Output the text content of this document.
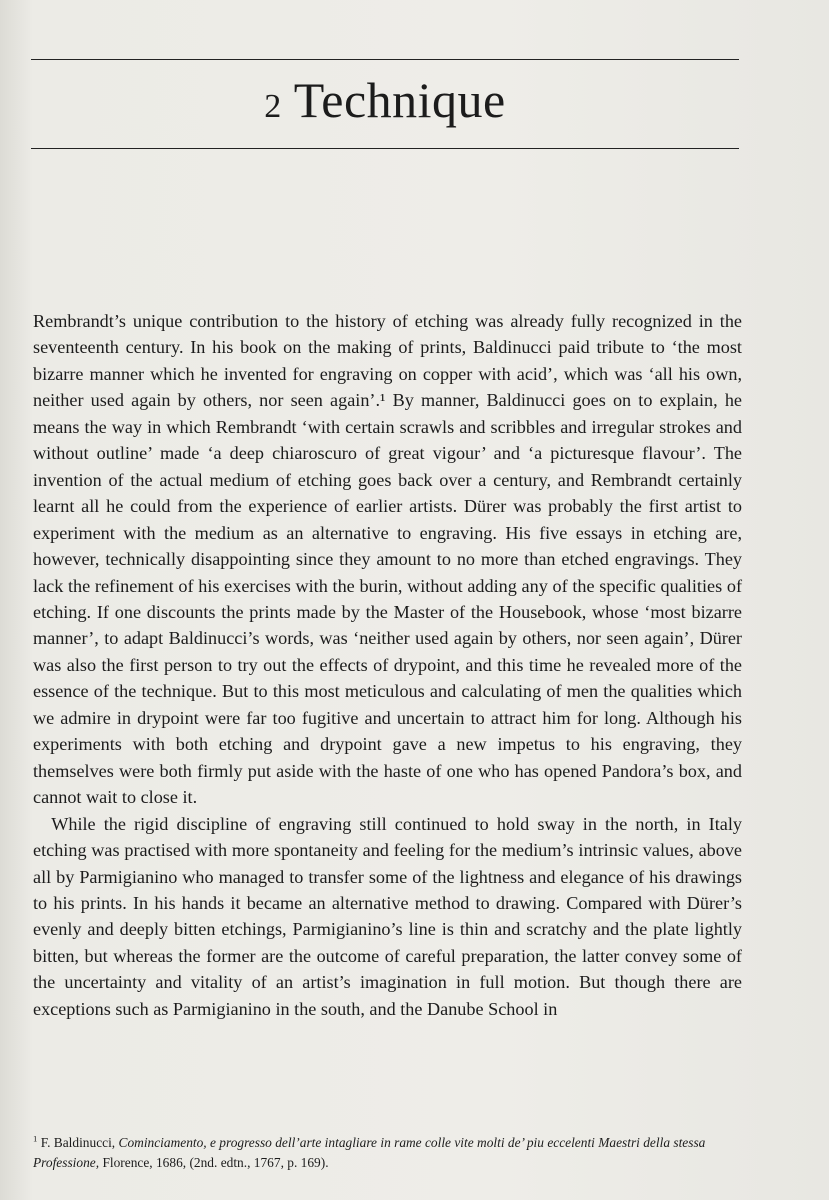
2 Technique

Rembrandt’s unique contribution to the history of etching was already fully recognized in the seventeenth century. In his book on the making of prints, Baldinucci paid tribute to ‘the most bizarre manner which he invented for engraving on copper with acid’, which was ‘all his own, neither used again by others, nor seen again’.¹ By manner, Baldinucci goes on to explain, he means the way in which Rembrandt ‘with certain scrawls and scribbles and irregular strokes and without outline’ made ‘a deep chiaroscuro of great vigour’ and ‘a picturesque flavour’. The invention of the actual medium of etching goes back over a century, and Rembrandt certainly learnt all he could from the experience of earlier artists. Dürer was probably the first artist to experiment with the medium as an alternative to engraving. His five essays in etching are, however, technically disappointing since they amount to no more than etched engravings. They lack the refinement of his exercises with the burin, without adding any of the specific qualities of etching. If one discounts the prints made by the Master of the Housebook, whose ‘most bizarre manner’, to adapt Baldinucci’s words, was ‘neither used again by others, nor seen again’, Dürer was also the first person to try out the effects of drypoint, and this time he revealed more of the essence of the technique. But to this most meticulous and calculating of men the qualities which we admire in drypoint were far too fugitive and uncertain to attract him for long. Although his experiments with both etching and drypoint gave a new impetus to his engraving, they themselves were both firmly put aside with the haste of one who has opened Pandora’s box, and cannot wait to close it.

While the rigid discipline of engraving still continued to hold sway in the north, in Italy etching was practised with more spontaneity and feeling for the medium’s intrinsic values, above all by Parmigianino who managed to transfer some of the lightness and elegance of his drawings to his prints. In his hands it became an alternative method to drawing. Compared with Dürer’s evenly and deeply bitten etchings, Parmigianino’s line is thin and scratchy and the plate lightly bitten, but whereas the former are the outcome of careful preparation, the latter convey some of the uncertainty and vitality of an artist’s imagination in full motion. But though there are exceptions such as Parmigianino in the south, and the Danube School in

$^1$ F. Baldinucci, Cominciamento, e progresso dell’arte intagliare in rame colle vite molti de’ piu eccelenti Maestri della stessa Professione, Florence, 1686, (2nd. edtn., 1767, p. 169).
